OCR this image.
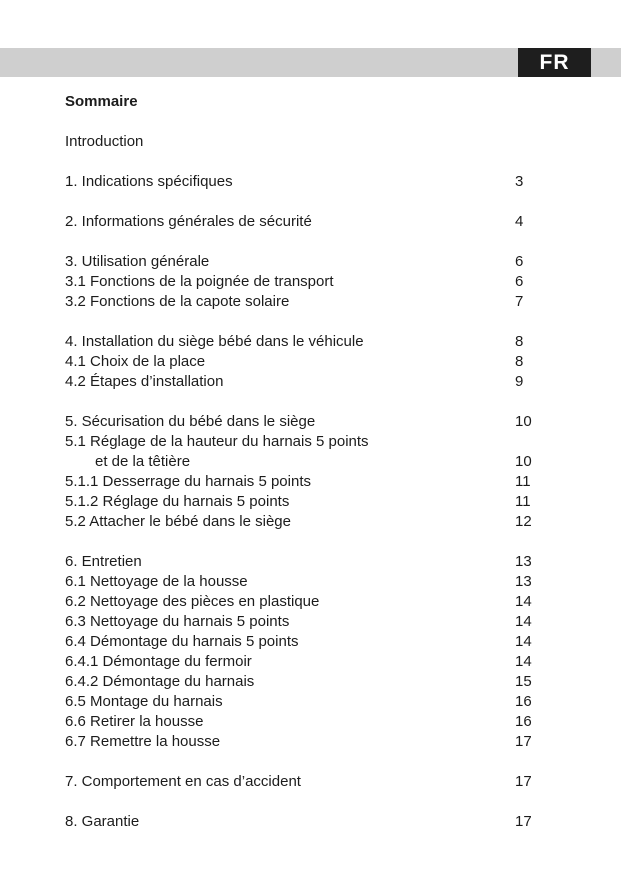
FR
Sommaire
Introduction
1. Indications spécifiques	3
2. Informations générales de sécurité	4
3. Utilisation générale	6
3.1 Fonctions de la poignée de transport	6
3.2 Fonctions de la capote solaire	7
4. Installation du siège bébé dans le véhicule	8
4.1 Choix de la place	8
4.2 Étapes d’installation	9
5. Sécurisation du bébé dans le siège	10
5.1 Réglage de la hauteur du harnais 5 points
et de la têtière	10
5.1.1 Desserrage du harnais 5 points	11
5.1.2 Réglage du harnais 5 points	11
5.2 Attacher le bébé dans le siège	12
6. Entretien	13
6.1 Nettoyage de la housse	13
6.2 Nettoyage des pièces en plastique	14
6.3 Nettoyage du harnais 5 points	14
6.4 Démontage du harnais 5 points	14
6.4.1 Démontage du fermoir	14
6.4.2 Démontage du harnais	15
6.5 Montage du harnais	16
6.6 Retirer la housse	16
6.7 Remettre la housse	17
7. Comportement en cas d’accident	17
8. Garantie	17
